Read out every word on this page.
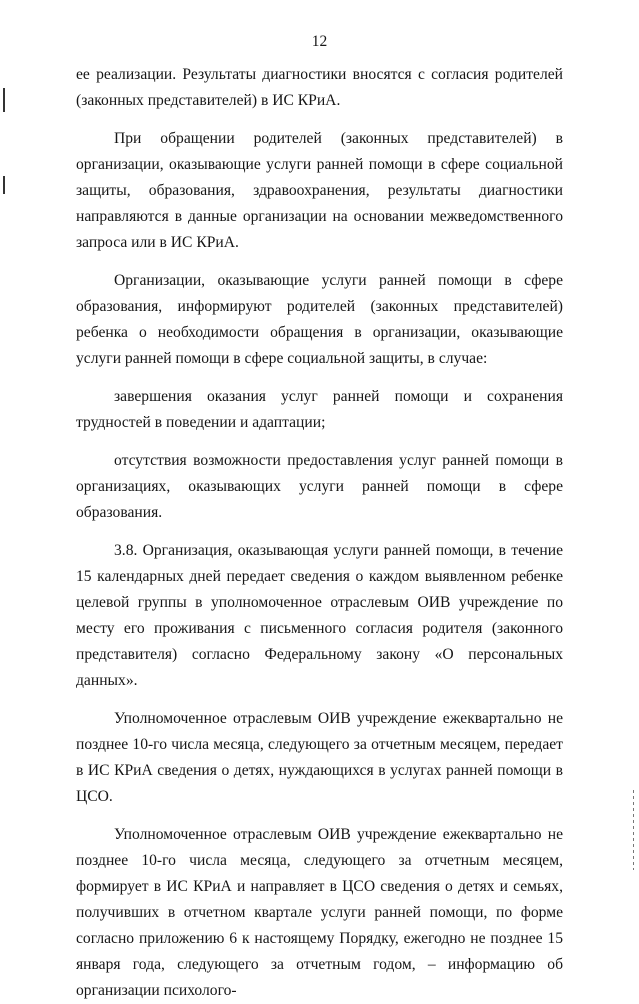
12

ее реализации. Результаты диагностики вносятся с согласия родителей (законных представителей) в ИС КРиА.

При обращении родителей (законных представителей) в организации, оказывающие услуги ранней помощи в сфере социальной защиты, образования, здравоохранения, результаты диагностики направляются в данные организации на основании межведомственного запроса или в ИС КРиА.

Организации, оказывающие услуги ранней помощи в сфере образования, информируют родителей (законных представителей) ребенка о необходимости обращения в организации, оказывающие услуги ранней помощи в сфере социальной защиты, в случае:

завершения оказания услуг ранней помощи и сохранения трудностей в поведении и адаптации;

отсутствия возможности предоставления услуг ранней помощи в организациях, оказывающих услуги ранней помощи в сфере образования.

3.8. Организация, оказывающая услуги ранней помощи, в течение 15 календарных дней передает сведения о каждом выявленном ребенке целевой группы в уполномоченное отраслевым ОИВ учреждение по месту его проживания с письменного согласия родителя (законного представителя) согласно Федеральному закону «О персональных данных».

Уполномоченное отраслевым ОИВ учреждение ежеквартально не позднее 10-го числа месяца, следующего за отчетным месяцем, передает в ИС КРиА сведения о детях, нуждающихся в услугах ранней помощи в ЦСО.

Уполномоченное отраслевым ОИВ учреждение ежеквартально не позднее 10-го числа месяца, следующего за отчетным месяцем, формирует в ИС КРиА и направляет в ЦСО сведения о детях и семьях, получивших в отчетном квартале услуги ранней помощи, по форме согласно приложению 6 к настоящему Порядку, ежегодно не позднее 15 января года, следующего за отчетным годом, – информацию об организации психолого-
